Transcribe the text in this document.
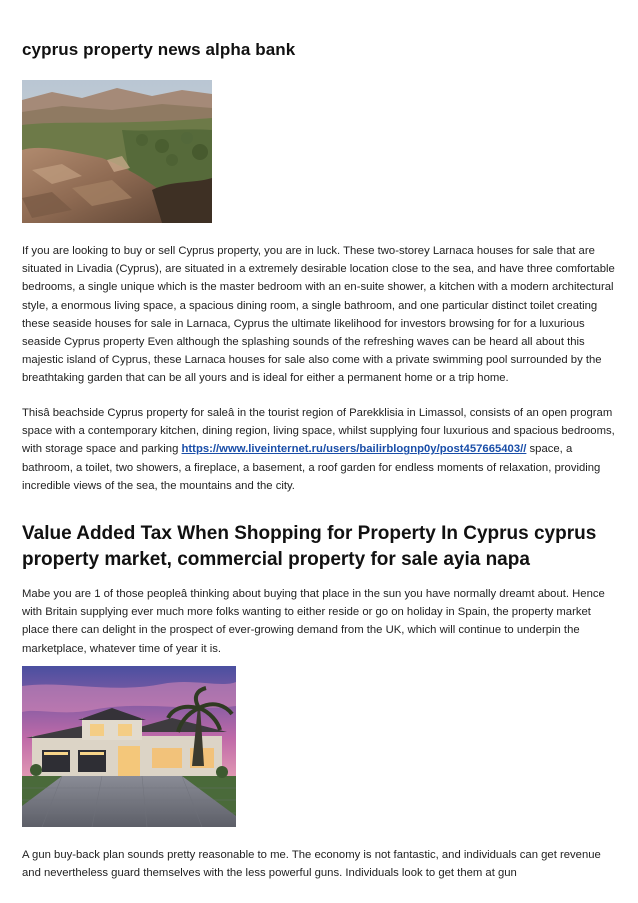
cyprus property news alpha bank

If you are looking to buy or sell Cyprus property, you are in luck. These two-storey Larnaca houses for sale that are situated in Livadia (Cyprus), are situated in a extremely desirable location close to the sea, and have three comfortable bedrooms, a single unique which is the master bedroom with an en-suite shower, a kitchen with a modern architectural style, a enormous living space, a spacious dining room, a single bathroom, and one particular distinct toilet creating these seaside houses for sale in Larnaca, Cyprus the ultimate likelihood for investors browsing for for a luxurious seaside Cyprus property Even although the splashing sounds of the refreshing waves can be heard all about this majestic island of Cyprus, these Larnaca houses for sale also come with a private swimming pool surrounded by the breathtaking garden that can be all yours and is ideal for either a permanent home or a trip home.

Thisâ beachside Cyprus property for saleâ in the tourist region of Parekklisia in Limassol, consists of an open program space with a contemporary kitchen, dining region, living space, whilst supplying four luxurious and spacious bedrooms, with storage space and parking https://www.liveinternet.ru/users/bailirblognp0y/post457665403// space, a bathroom, a toilet, two showers, a fireplace, a basement, a roof garden for endless moments of relaxation, providing incredible views of the sea, the mountains and the city.

Value Added Tax When Shopping for Property In Cyprus cyprus property market, commercial property for sale ayia napa

Mabe you are 1 of those peopleâ thinking about buying that place in the sun you have normally dreamt about. Hence with Britain supplying ever much more folks wanting to either reside or go on holiday in Spain, the property market place there can delight in the prospect of ever-growing demand from the UK, which will continue to underpin the marketplace, whatever time of year it is.

A gun buy-back plan sounds pretty reasonable to me. The economy is not fantastic, and individuals can get revenue and nevertheless guard themselves with the less powerful guns. Individuals look to get them at gun
